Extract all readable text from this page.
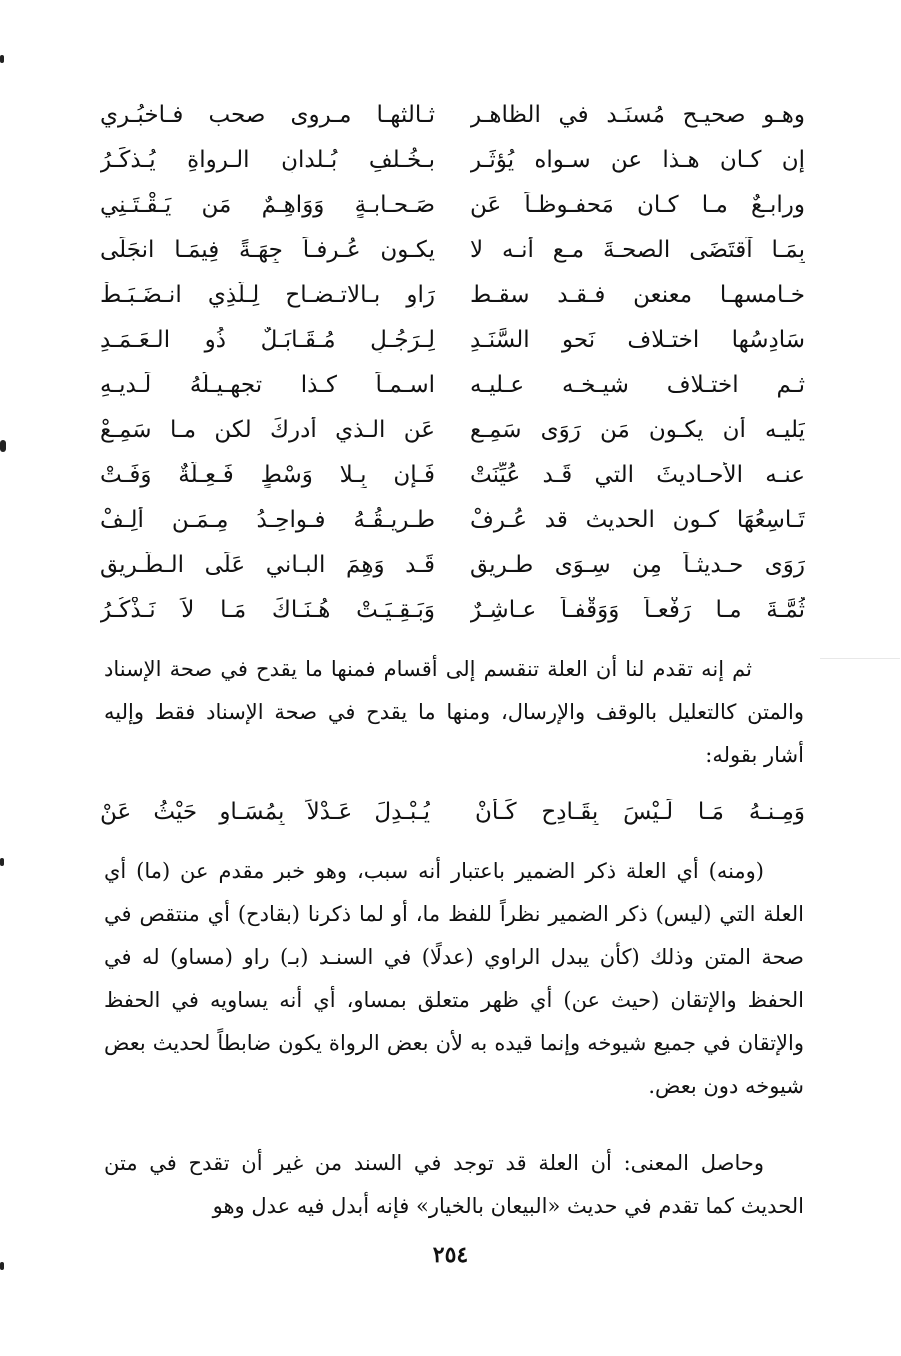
وهـو صحيـح مُسنَـد في الظاهـر
ثـالثهـا مـروى صحب فـاخبُـرِي
إن كـان هـذا عن سـواه يُؤثَـر
بـخُـلفِ بُـلدانِ الـرواةِ يُـذكَـرُ
ورابـعٌ مـا كـان مَحفـوظـاً عَنِ
صَـحـابـةٍ وَوَاهِـمٌ مَن يَـقْـتَـنِي
بِمَـا آقتَضَى الصحـةَ مـع أنـه لا
يكـون عُـرفـاً جِهَـةً فِيمَـا انجَلَى
خـامسهـا معنعن فـقـد سقـط
رَاوٍ بـالاتـضـاحِ لِـلَّذِي انـضَـبَـطْ
سَادِسُها اختـلاف نَحوِ السَّنَـدِ
لِـرَجُـلٍ مُـقَـابَـلٌ ذُو الـعَـمَـدِ
ثـم اختـلاف شيـخـه عـليـه
اسـمـاً كـذا تجهـيـلُهُ لَـديـهِ
يَليـه أن يكـون مَن رَوَى سَمِـع
عَنِ الـذي أدركَ لكن مـا سَمِـعْ
عنـه الأحـاديثَ التي قَـد عُيِّنَتْ
فَـإن بِـلا وَسْطٍ فَـعِـلَّةٌ وَفَـتْ
تَـاسِعُهَا كـون الحديث قد عُـرِفْ
طـريـقُـهُ فـواحِـدُ مِـمَـن أَلِـفْ
رَوَى حـديثـاً مِن سِـوَى طـريقٍ
قَـد وَهِمَ البـاني عَلَى الـطَّـرِيقِ
ثُمَّـةَ مـا رَفْعـاً وَوَقْفـاً عـاشِـرٌ
وَبَـقِـيَـتْ هُـنَـاكَ مَـا لاَ نَـذْكُـرُ

ثم إنه تقدم لنا أن العلة تنقسم إلى أقسام فمنها ما يقدح في صحة الإسناد والمتن كالتعليل بالوقف والإرسال، ومنها ما يقدح في صحة الإسناد فقط وإليه أشار بقوله:

وَمِـنـهُ مَـا لَـيْسَ بِقَـادِحٍ كَـأَنْ
يُـبْـدِلَ عَـدْلاً بِمُسَـاوٍ حَيْثُ عَنْ

(ومنه) أي العلة ذكر الضمير باعتبار أنه سبب، وهو خبر مقدم عن (ما) أي العلة التي (ليس) ذكر الضمير نظراً للفظ ما، أو لما ذكرنا (بقادح) أي منتقص في صحة المتن وذلك (كأن يبدل الراوي (عدلًا) في السنـد (بـ) راو (مساو) له في الحفظ والإتقان (حيث عن) أي ظهر متعلق بمساو، أي أنه يساويه في الحفظ والإتقان في جميع شيوخه وإنما قيده به لأن بعض الرواة يكون ضابطاً لحديث بعض شيوخه دون بعض.

وحاصل المعنى: أن العلة قد توجد في السند من غير أن تقدح في متن الحديث كما تقدم في حديث «البيعان بالخيار» فإنه أبدل فيه عدل وهو

٢٥٤
